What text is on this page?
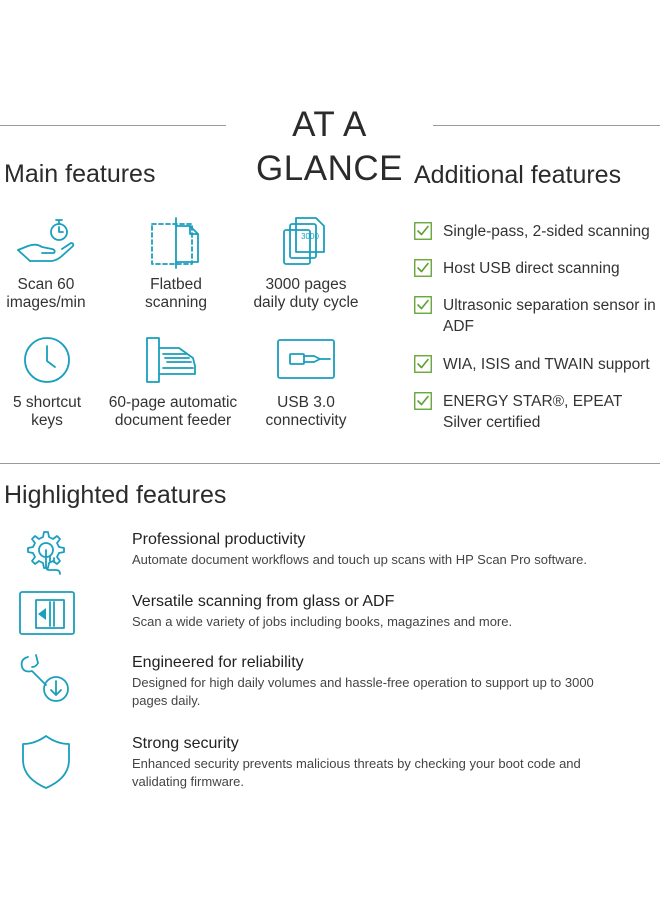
AT A GLANCE
Main features
Scan 60
images/min
Flatbed
scanning
3000
3000 pages
daily duty cycle
5 shortcut
keys
60-page automatic
document feeder
USB 3.0
connectivity
Additional features
Single-pass, 2-sided scanning
Host USB direct scanning
Ultrasonic separation sensor in ADF
WIA, ISIS and TWAIN support
ENERGY STAR®, EPEAT Silver certified
Highlighted features
Professional productivity
Automate document workflows and touch up scans with HP Scan Pro software.
Versatile scanning from glass or ADF
Scan a wide variety of jobs including books, magazines and more.
Engineered for reliability
Designed for high daily volumes and hassle-free operation to support up to 3000 pages daily.
Strong security
Enhanced security prevents malicious threats by checking your boot code and validating firmware.
